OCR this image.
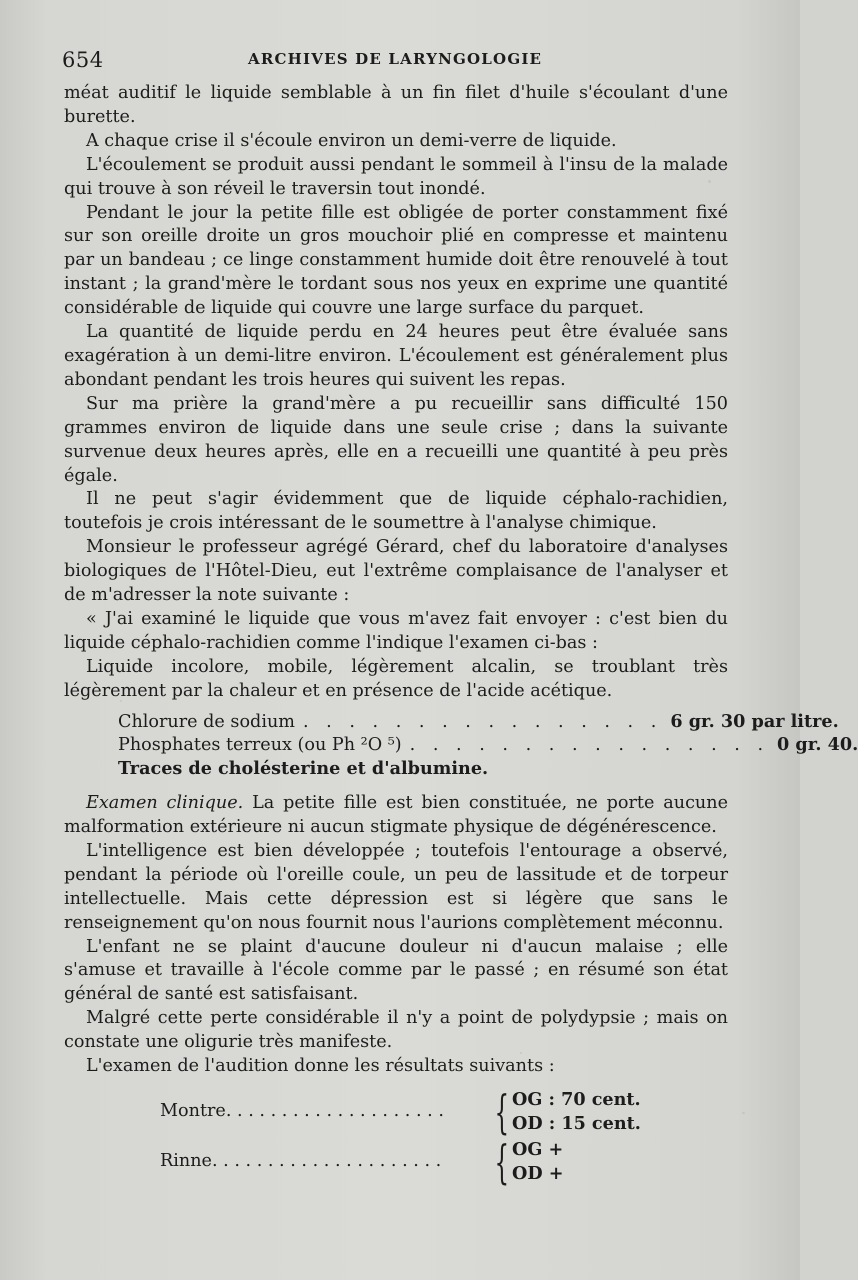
654	ARCHIVES DE LARYNGOLOGIE

méat auditif le liquide semblable à un fin filet d'huile s'écoulant d'une burette.

A chaque crise il s'écoule environ un demi-verre de liquide.

L'écoulement se produit aussi pendant le sommeil à l'insu de la malade qui trouve à son réveil le traversin tout inondé.

Pendant le jour la petite fille est obligée de porter constamment fixé sur son oreille droite un gros mouchoir plié en compresse et maintenu par un bandeau ; ce linge constamment humide doit être renouvelé à tout instant ; la grand'mère le tordant sous nos yeux en exprime une quantité considérable de liquide qui couvre une large surface du parquet.

La quantité de liquide perdu en 24 heures peut être évaluée sans exagération à un demi-litre environ. L'écoulement est généralement plus abondant pendant les trois heures qui suivent les repas.

Sur ma prière la grand'mère a pu recueillir sans difficulté 150 grammes environ de liquide dans une seule crise ; dans la suivante survenue deux heures après, elle en a recueilli une quantité à peu près égale.

Il ne peut s'agir évidemment que de liquide céphalo-rachidien, toutefois je crois intéressant de le soumettre à l'analyse chimique.

Monsieur le professeur agrégé Gérard, chef du laboratoire d'analyses biologiques de l'Hôtel-Dieu, eut l'extrême complaisance de l'analyser et de m'adresser la note suivante :

« J'ai examiné le liquide que vous m'avez fait envoyer : c'est bien du liquide céphalo-rachidien comme l'indique l'examen ci-bas :

Liquide incolore, mobile, légèrement alcalin, se troublant très légèrement par la chaleur et en présence de l'acide acétique.

Chlorure de sodium . . . . . . . . . . . . . . . . 6 gr. 30 par litre.
Phosphates terreux (ou Ph ²O ⁵) . . . . . . . . . . . . . . . . 0 gr. 40.
Traces de cholésterine et d'albumine.

Examen clinique. La petite fille est bien constituée, ne porte aucune malformation extérieure ni aucun stigmate physique de dégénérescence.

L'intelligence est bien développée ; toutefois l'entourage a observé, pendant la période où l'oreille coule, un peu de lassitude et de torpeur intellectuelle. Mais cette dépression est si légère que sans le renseignement qu'on nous fournit nous l'aurions complètement méconnu.

L'enfant ne se plaint d'aucune douleur ni d'aucun malaise ; elle s'amuse et travaille à l'école comme par le passé ; en résumé son état général de santé est satisfaisant.

Malgré cette perte considérable il n'y a point de polydypsie ; mais on constate une oligurie très manifeste.

L'examen de l'audition donne les résultats suivants :

Montre. . . . . . . . . . . . . . . . . . . .	{ OG : 70 cent.
OD : 15 cent.
Rinne. . . . . . . . . . . . . . . . . . . . .	{ OG +
OD +
